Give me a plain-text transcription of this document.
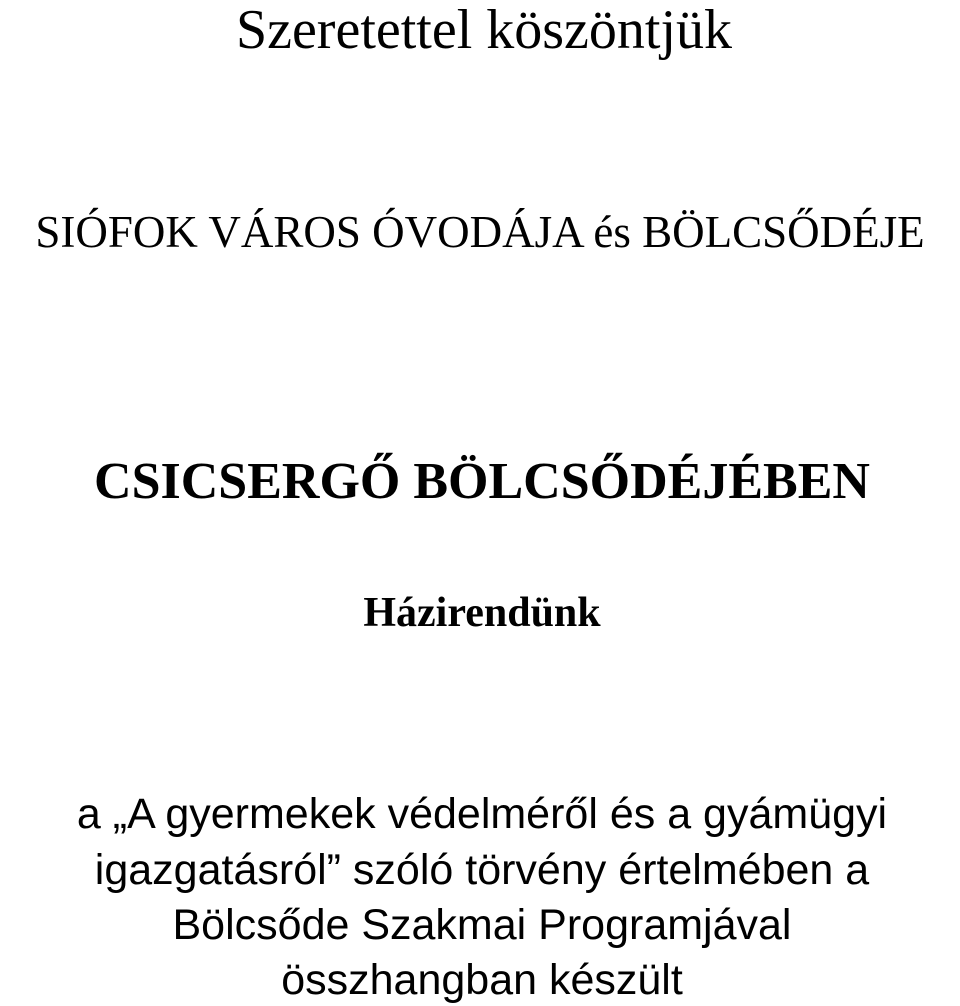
Szeretettel köszöntjük
SIÓFOK VÁROS ÓVODÁJA és BÖLCSŐDÉJE
CSICSERGŐ BÖLCSŐDÉJÉBEN
Házirendünk

a „A gyermekek védelméről és a gyámügyi

igazgatásról” szóló törvény értelmében a

Bölcsőde Szakmai Programjával

összhangban készült
